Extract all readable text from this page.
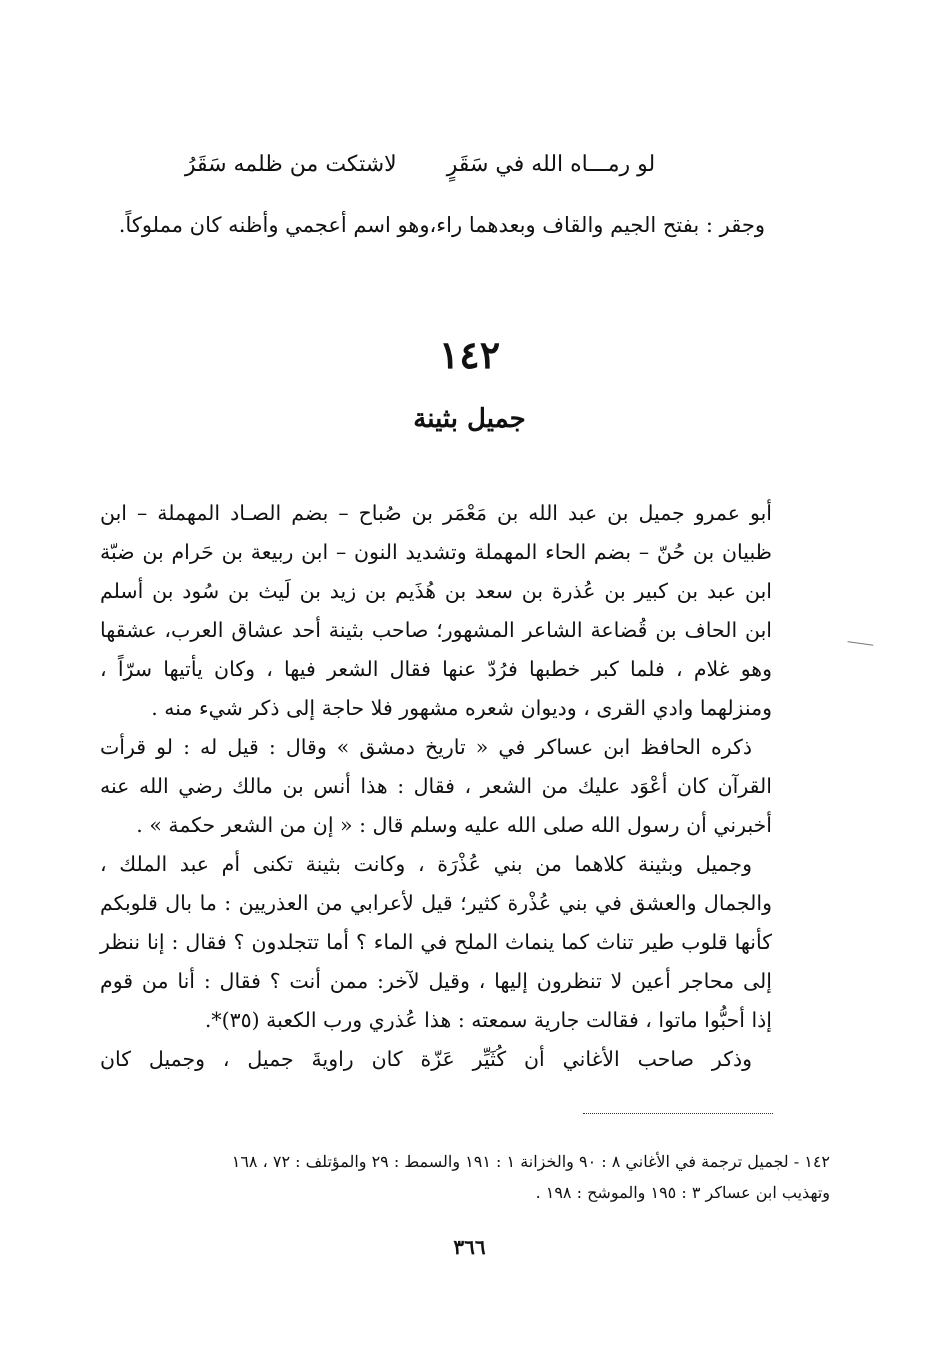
لو رمـــاه الله في سَقَرٍ  لاشتكت من ظلمه سَقَرُ
وجقر : بفتح الجيم والقاف وبعدهما راء،وهو اسم أعجمي وأظنه كان مملوكاً.
١٤٢
جميل بثينة
أبو عمرو جميل بن عبد الله بن مَعْمَر بن صُباح – بضم الصـاد المهملة – ابن
ظبيان بن حُنّ – بضم الحاء المهملة وتشديد النون – ابن ربيعة بن حَرام بن ضبّة
ابن عبد بن كبير بن عُذرة بن سعد بن هُذَيم بن زيد بن لَيث بن سُود بن أسلم
ابن الحاف بن قُضاعة الشاعر المشهور؛ صاحب بثينة أحد عشاق العرب، عشقها
وهو غلام ، فلما كبر خطبها فرُدّ عنها فقال الشعر فيها ، وكان يأتيها سرّاً ،
ومنزلهما وادي القرى ، وديوان شعره مشهور فلا حاجة إلى ذكر شيء منه .
ذكره الحافظ ابن عساكر في « تاريخ دمشق » وقال : قيل له : لو قرأت
القرآن كان أعْوَد عليك من الشعر ، فقال : هذا أنس بن مالك رضي الله عنه
أخبرني أن رسول الله صلى الله عليه وسلم قال : « إن من الشعر حكمة » .
وجميل وبثينة كلاهما من بني عُذْرَة ، وكانت بثينة تكنى أم عبد الملك ،
والجمال والعشق في بني عُذْرة كثير؛ قيل لأعرابي من العذريين : ما بال قلوبكم
كأنها قلوب طير تناث كما ينماث الملح في الماء ؟ أما تتجلدون ؟ فقال : إنا ننظر
إلى محاجر أعين لا تنظرون إليها ، وقيل لآخر: ممن أنت ؟ فقال : أنا من قوم
إذا أحبُّوا ماتوا ، فقالت جارية سمعته : هذا عُذري ورب الكعبة (٣٥)*.
وذكر صاحب الأغاني أن كُثَيِّر عَزّة كان راويةَ جميل ، وجميل كان
١٤٢ - لجميل ترجمة في الأغاني ٨ : ٩٠ والخزانة ١ : ١٩١ والسمط : ٢٩ والمؤتلف : ٧٢ ، ١٦٨
وتهذيب ابن عساكر ٣ : ١٩٥ والموشح : ١٩٨ .
٣٦٦
